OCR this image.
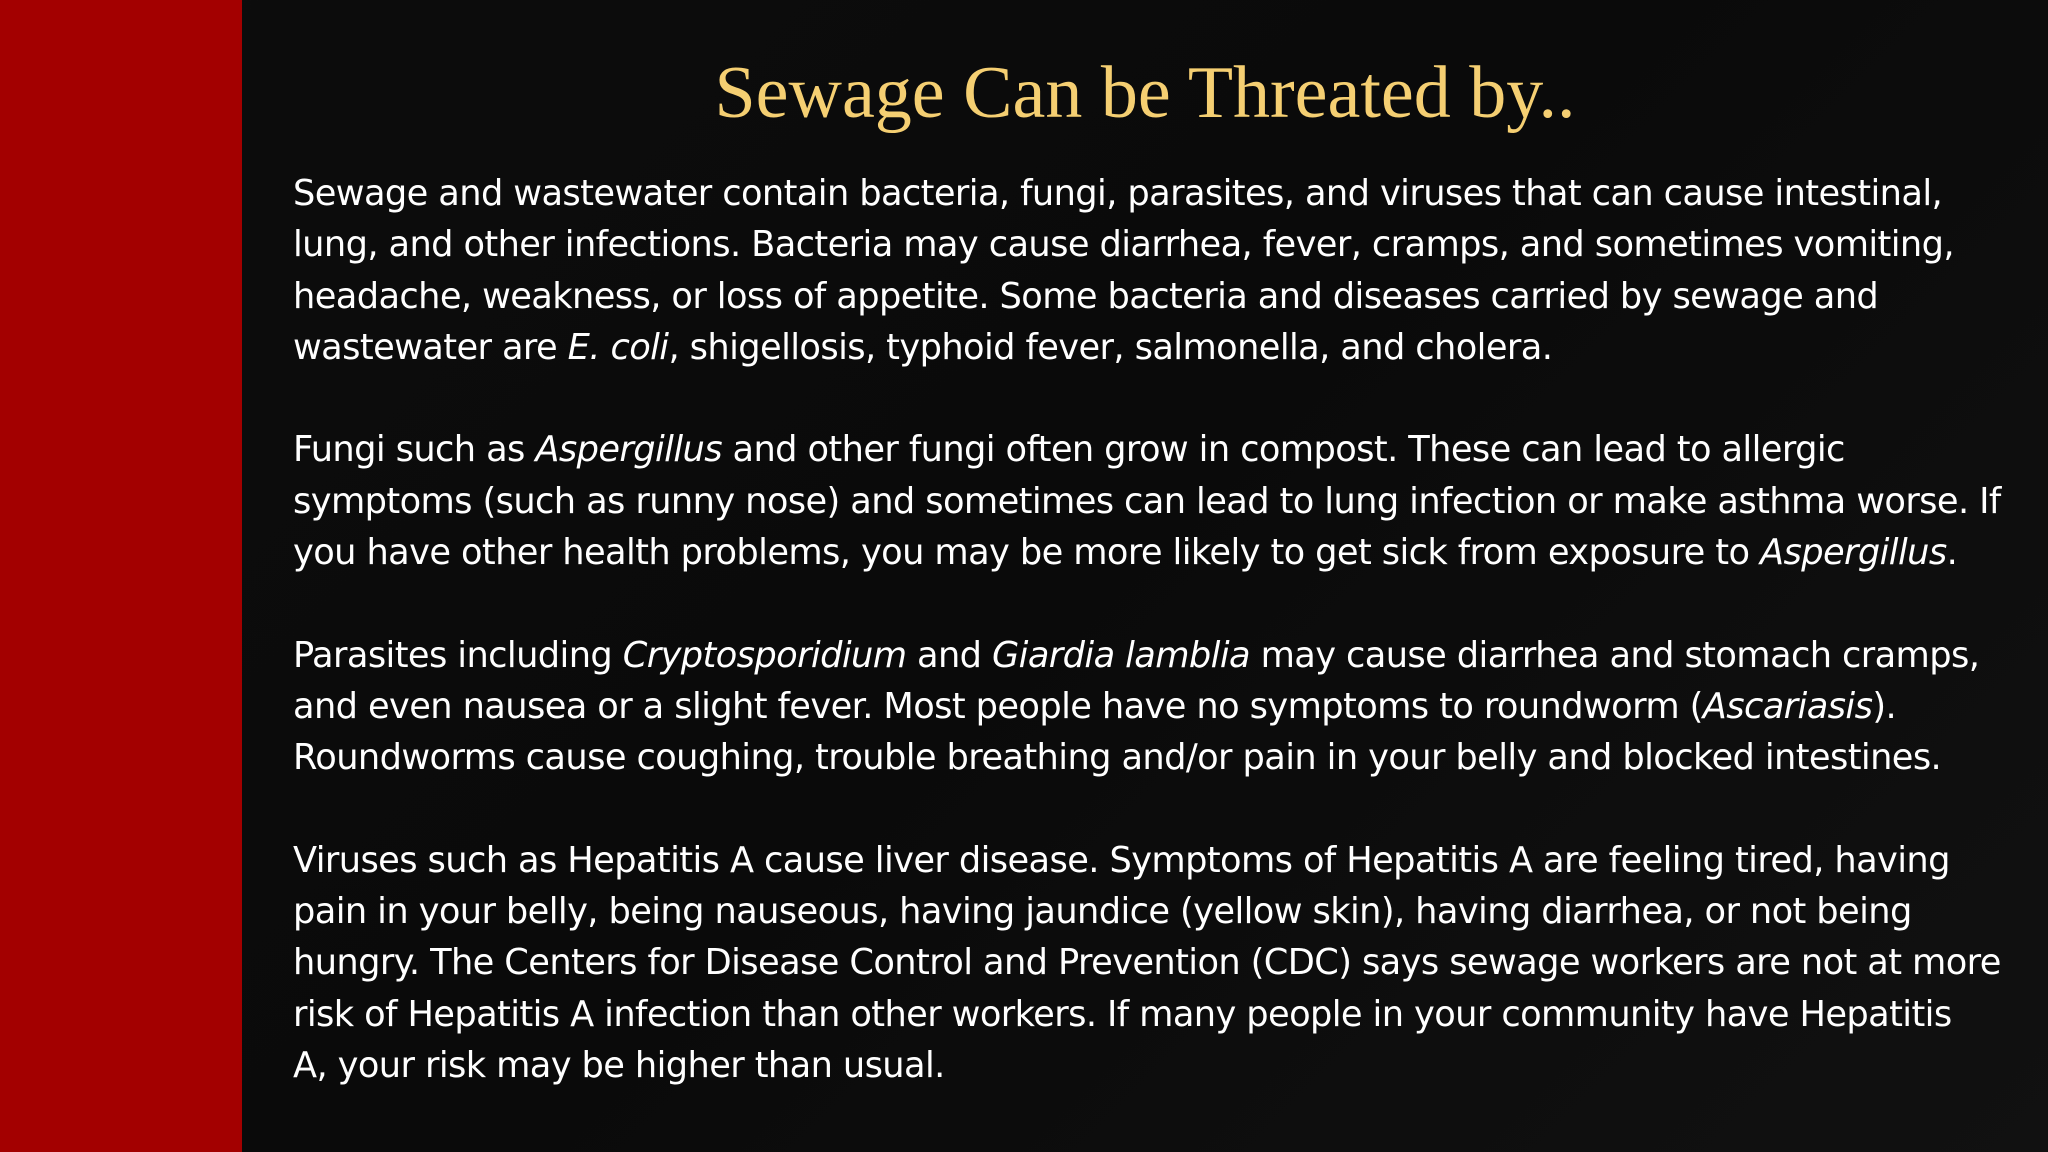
Sewage Can be Threated by..

Sewage and wastewater contain bacteria, fungi, parasites, and viruses that can cause intestinal,
lung, and other infections. Bacteria may cause diarrhea, fever, cramps, and sometimes vomiting,
headache, weakness, or loss of appetite. Some bacteria and diseases carried by sewage and
wastewater are E. coli, shigellosis, typhoid fever, salmonella, and cholera.

Fungi such as Aspergillus and other fungi often grow in compost. These can lead to allergic
symptoms (such as runny nose) and sometimes can lead to lung infection or make asthma worse. If
you have other health problems, you may be more likely to get sick from exposure to Aspergillus.

Parasites including Cryptosporidium and Giardia lamblia may cause diarrhea and stomach cramps,
and even nausea or a slight fever. Most people have no symptoms to roundworm (Ascariasis).
Roundworms cause coughing, trouble breathing and/or pain in your belly and blocked intestines.

Viruses such as Hepatitis A cause liver disease. Symptoms of Hepatitis A are feeling tired, having
pain in your belly, being nauseous, having jaundice (yellow skin), having diarrhea, or not being
hungry. The Centers for Disease Control and Prevention (CDC) says sewage workers are not at more
risk of Hepatitis A infection than other workers. If many people in your community have Hepatitis
A, your risk may be higher than usual.
